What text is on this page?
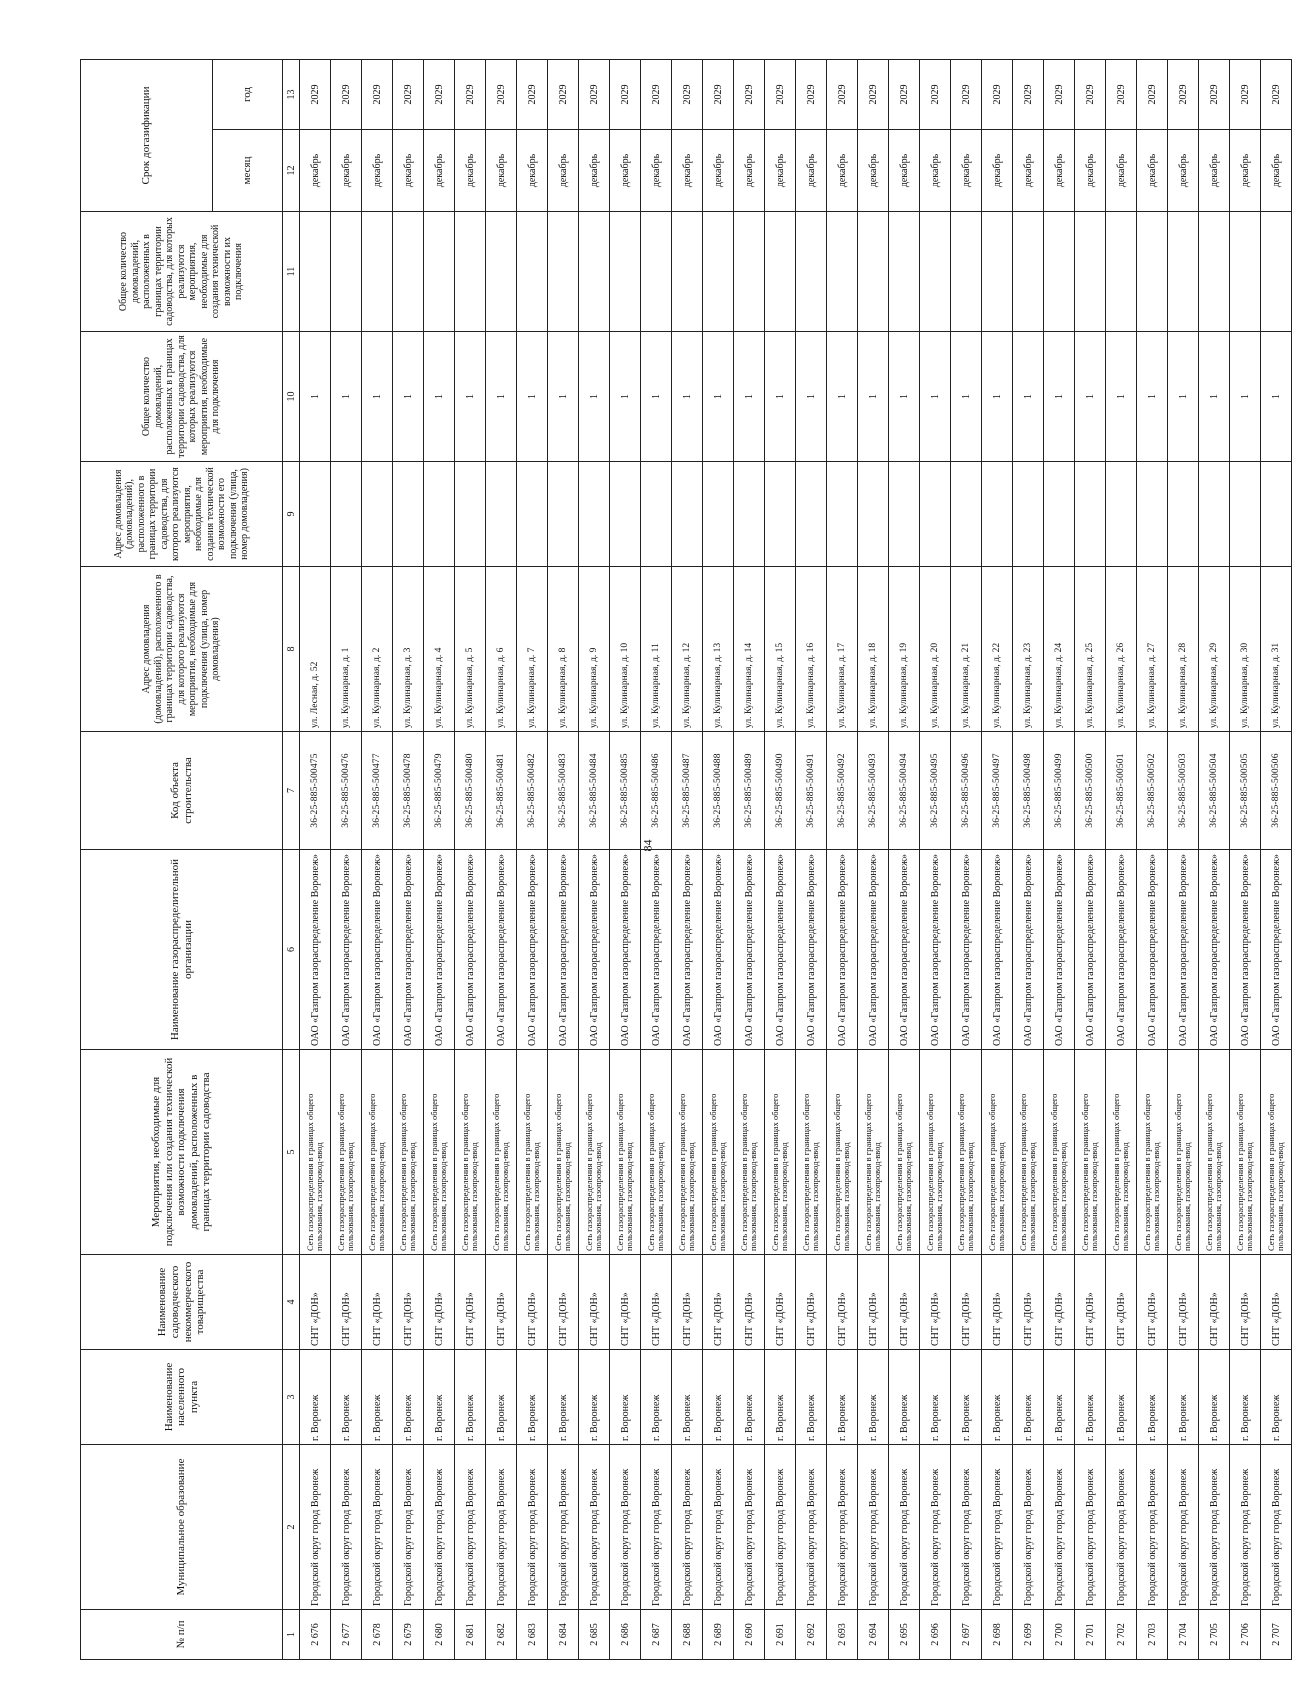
84
№ п/п	Муниципальное образование	Наименование населенного пункта	Наименование садоводческого некоммерческого товарищества	Мероприятия, необходимые для подключения или создания технической возможности подключения домовладений, расположенных в границах территории садоводства	Наименование газораспределительной организации	Код объекта строительства	Адрес домовладения (домовладений), расположенного в границах территории садоводства, для которого реализуются мероприятия, необходимые для подключения (улица, номер домовладения)	Адрес домовладения (домовладений), расположенного в границах территории садоводства, для которого реализуются мероприятия, необходимые для создания технической возможности его подключения (улица, номер домовладения)	Общее количество домовладений, расположенных в границах территории садоводства, для которых реализуются мероприятия, необходимые для подключения	Общее количество домовладений, расположенных в границах территории садоводства, для которых реализуются мероприятия, необходимые для создания технической возможности их подключения	Срок догазификации	
											месяц	год
1	2	3	4	5	6	7	8	9	10	11	12	13
2 676	Городской округ город Воронеж	г. Воронеж	СНТ «ДОН»	Сеть газораспределения в границах общего пользования, газопровод-ввод	ОАО «Газпром газораспределение Воронеж»	36-25-885-500475	ул. Лесная, д. 52		1		декабрь	2029
2 677	Городской округ город Воронеж	г. Воронеж	СНТ «ДОН»	Сеть газораспределения в границах общего пользования, газопровод-ввод	ОАО «Газпром газораспределение Воронеж»	36-25-885-500476	ул. Кулинарная, д. 1		1		декабрь	2029
2 678	Городской округ город Воронеж	г. Воронеж	СНТ «ДОН»	Сеть газораспределения в границах общего пользования, газопровод-ввод	ОАО «Газпром газораспределение Воронеж»	36-25-885-500477	ул. Кулинарная, д. 2		1		декабрь	2029
2 679	Городской округ город Воронеж	г. Воронеж	СНТ «ДОН»	Сеть газораспределения в границах общего пользования, газопровод-ввод	ОАО «Газпром газораспределение Воронеж»	36-25-885-500478	ул. Кулинарная, д. 3		1		декабрь	2029
2 680	Городской округ город Воронеж	г. Воронеж	СНТ «ДОН»	Сеть газораспределения в границах общего пользования, газопровод-ввод	ОАО «Газпром газораспределение Воронеж»	36-25-885-500479	ул. Кулинарная, д. 4		1		декабрь	2029
2 681	Городской округ город Воронеж	г. Воронеж	СНТ «ДОН»	Сеть газораспределения в границах общего пользования, газопровод-ввод	ОАО «Газпром газораспределение Воронеж»	36-25-885-500480	ул. Кулинарная, д. 5		1		декабрь	2029
2 682	Городской округ город Воронеж	г. Воронеж	СНТ «ДОН»	Сеть газораспределения в границах общего пользования, газопровод-ввод	ОАО «Газпром газораспределение Воронеж»	36-25-885-500481	ул. Кулинарная, д. 6		1		декабрь	2029
2 683	Городской округ город Воронеж	г. Воронеж	СНТ «ДОН»	Сеть газораспределения в границах общего пользования, газопровод-ввод	ОАО «Газпром газораспределение Воронеж»	36-25-885-500482	ул. Кулинарная, д. 7		1		декабрь	2029
2 684	Городской округ город Воронеж	г. Воронеж	СНТ «ДОН»	Сеть газораспределения в границах общего пользования, газопровод-ввод	ОАО «Газпром газораспределение Воронеж»	36-25-885-500483	ул. Кулинарная, д. 8		1		декабрь	2029
2 685	Городской округ город Воронеж	г. Воронеж	СНТ «ДОН»	Сеть газораспределения в границах общего пользования, газопровод-ввод	ОАО «Газпром газораспределение Воронеж»	36-25-885-500484	ул. Кулинарная, д. 9		1		декабрь	2029
2 686	Городской округ город Воронеж	г. Воронеж	СНТ «ДОН»	Сеть газораспределения в границах общего пользования, газопровод-ввод	ОАО «Газпром газораспределение Воронеж»	36-25-885-500485	ул. Кулинарная, д. 10		1		декабрь	2029
2 687	Городской округ город Воронеж	г. Воронеж	СНТ «ДОН»	Сеть газораспределения в границах общего пользования, газопровод-ввод	ОАО «Газпром газораспределение Воронеж»	36-25-885-500486	ул. Кулинарная, д. 11		1		декабрь	2029
2 688	Городской округ город Воронеж	г. Воронеж	СНТ «ДОН»	Сеть газораспределения в границах общего пользования, газопровод-ввод	ОАО «Газпром газораспределение Воронеж»	36-25-885-500487	ул. Кулинарная, д. 12		1		декабрь	2029
2 689	Городской округ город Воронеж	г. Воронеж	СНТ «ДОН»	Сеть газораспределения в границах общего пользования, газопровод-ввод	ОАО «Газпром газораспределение Воронеж»	36-25-885-500488	ул. Кулинарная, д. 13		1		декабрь	2029
2 690	Городской округ город Воронеж	г. Воронеж	СНТ «ДОН»	Сеть газораспределения в границах общего пользования, газопровод-ввод	ОАО «Газпром газораспределение Воронеж»	36-25-885-500489	ул. Кулинарная, д. 14		1		декабрь	2029
2 691	Городской округ город Воронеж	г. Воронеж	СНТ «ДОН»	Сеть газораспределения в границах общего пользования, газопровод-ввод	ОАО «Газпром газораспределение Воронеж»	36-25-885-500490	ул. Кулинарная, д. 15		1		декабрь	2029
2 692	Городской округ город Воронеж	г. Воронеж	СНТ «ДОН»	Сеть газораспределения в границах общего пользования, газопровод-ввод	ОАО «Газпром газораспределение Воронеж»	36-25-885-500491	ул. Кулинарная, д. 16		1		декабрь	2029
2 693	Городской округ город Воронеж	г. Воронеж	СНТ «ДОН»	Сеть газораспределения в границах общего пользования, газопровод-ввод	ОАО «Газпром газораспределение Воронеж»	36-25-885-500492	ул. Кулинарная, д. 17		1		декабрь	2029
2 694	Городской округ город Воронеж	г. Воронеж	СНТ «ДОН»	Сеть газораспределения в границах общего пользования, газопровод-ввод	ОАО «Газпром газораспределение Воронеж»	36-25-885-500493	ул. Кулинарная, д. 18		1		декабрь	2029
2 695	Городской округ город Воронеж	г. Воронеж	СНТ «ДОН»	Сеть газораспределения в границах общего пользования, газопровод-ввод	ОАО «Газпром газораспределение Воронеж»	36-25-885-500494	ул. Кулинарная, д. 19		1		декабрь	2029
2 696	Городской округ город Воронеж	г. Воронеж	СНТ «ДОН»	Сеть газораспределения в границах общего пользования, газопровод-ввод	ОАО «Газпром газораспределение Воронеж»	36-25-885-500495	ул. Кулинарная, д. 20		1		декабрь	2029
2 697	Городской округ город Воронеж	г. Воронеж	СНТ «ДОН»	Сеть газораспределения в границах общего пользования, газопровод-ввод	ОАО «Газпром газораспределение Воронеж»	36-25-885-500496	ул. Кулинарная, д. 21		1		декабрь	2029
2 698	Городской округ город Воронеж	г. Воронеж	СНТ «ДОН»	Сеть газораспределения в границах общего пользования, газопровод-ввод	ОАО «Газпром газораспределение Воронеж»	36-25-885-500497	ул. Кулинарная, д. 22		1		декабрь	2029
2 699	Городской округ город Воронеж	г. Воронеж	СНТ «ДОН»	Сеть газораспределения в границах общего пользования, газопровод-ввод	ОАО «Газпром газораспределение Воронеж»	36-25-885-500498	ул. Кулинарная, д. 23		1		декабрь	2029
2 700	Городской округ город Воронеж	г. Воронеж	СНТ «ДОН»	Сеть газораспределения в границах общего пользования, газопровод-ввод	ОАО «Газпром газораспределение Воронеж»	36-25-885-500499	ул. Кулинарная, д. 24		1		декабрь	2029
2 701	Городской округ город Воронеж	г. Воронеж	СНТ «ДОН»	Сеть газораспределения в границах общего пользования, газопровод-ввод	ОАО «Газпром газораспределение Воронеж»	36-25-885-500500	ул. Кулинарная, д. 25		1		декабрь	2029
2 702	Городской округ город Воронеж	г. Воронеж	СНТ «ДОН»	Сеть газораспределения в границах общего пользования, газопровод-ввод	ОАО «Газпром газораспределение Воронеж»	36-25-885-500501	ул. Кулинарная, д. 26		1		декабрь	2029
2 703	Городской округ город Воронеж	г. Воронеж	СНТ «ДОН»	Сеть газораспределения в границах общего пользования, газопровод-ввод	ОАО «Газпром газораспределение Воронеж»	36-25-885-500502	ул. Кулинарная, д. 27		1		декабрь	2029
2 704	Городской округ город Воронеж	г. Воронеж	СНТ «ДОН»	Сеть газораспределения в границах общего пользования, газопровод-ввод	ОАО «Газпром газораспределение Воронеж»	36-25-885-500503	ул. Кулинарная, д. 28		1		декабрь	2029
2 705	Городской округ город Воронеж	г. Воронеж	СНТ «ДОН»	Сеть газораспределения в границах общего пользования, газопровод-ввод	ОАО «Газпром газораспределение Воронеж»	36-25-885-500504	ул. Кулинарная, д. 29		1		декабрь	2029
2 706	Городской округ город Воронеж	г. Воронеж	СНТ «ДОН»	Сеть газораспределения в границах общего пользования, газопровод-ввод	ОАО «Газпром газораспределение Воронеж»	36-25-885-500505	ул. Кулинарная, д. 30		1		декабрь	2029
2 707	Городской округ город Воронеж	г. Воронеж	СНТ «ДОН»	Сеть газораспределения в границах общего пользования, газопровод-ввод	ОАО «Газпром газораспределение Воронеж»	36-25-885-500506	ул. Кулинарная, д. 31		1		декабрь	2029
